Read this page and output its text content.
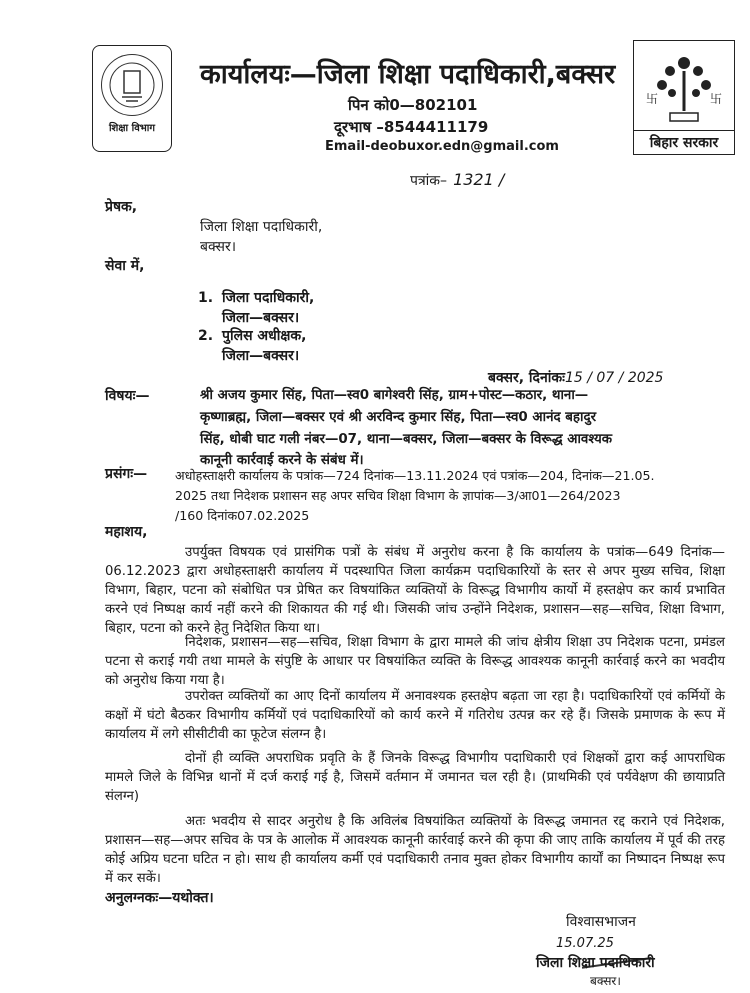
शिक्षा विभाग
कार्यालयः—जिला शिक्षा पदाधिकारी,बक्सर
पिन को0—802101
दूरभाष –8544411179
Email-deobuxor.edn@gmail.com
卐	卐
बिहार सरकार
पत्रांक– 1321 /
प्रेषक,
जिला शिक्षा पदाधिकारी,
बक्सर।
सेवा में,
1. जिला पदाधिकारी,
जिला—बक्सर।
2. पुलिस अधीक्षक,
जिला—बक्सर।
बक्सर, दिनांकः15 / 07 / 2025
विषयः—	श्री अजय कुमार सिंह, पिता—स्व0 बागेश्वरी सिंह, ग्राम+पोस्ट—कठार, थाना—
कृष्णाब्रह्म, जिला—बक्सर एवं श्री अरविन्द कुमार सिंह, पिता—स्व0 आनंद बहादुर
सिंह, धोबी घाट गली नंबर—07, थाना—बक्सर, जिला—बक्सर के विरूद्ध आवश्यक
कानूनी कार्रवाई करने के संबंध में।
प्रसंगः— अधोहस्ताक्षरी कार्यालय के पत्रांक—724 दिनांक—13.11.2024 एवं पत्रांक—204, दिनांक—21.05.
2025 तथा निदेशक प्रशासन सह अपर सचिव शिक्षा विभाग के ज्ञापांक—3/आ01—264/2023
/160 दिनांक07.02.2025
महाशय,
उपर्युक्त विषयक एवं प्रासंगिक पत्रों के संबंध में अनुरोध करना है कि कार्यालय के पत्रांक—649 दिनांक—06.12.2023 द्वारा अधोहस्ताक्षरी कार्यालय में पदस्थापित जिला कार्यक्रम पदाधिकारियों के स्तर से अपर मुख्य सचिव, शिक्षा विभाग, बिहार, पटना को संबोधित पत्र प्रेषित कर विषयांकित व्यक्तियों के विरूद्ध विभागीय कार्यो में हस्तक्षेप कर कार्य प्रभावित करने एवं निष्पक्ष कार्य नहीं करने की शिकायत की गई थी। जिसकी जांच उन्होंने निदेशक, प्रशासन—सह—सचिव, शिक्षा विभाग, बिहार, पटना को करने हेतु निदेशित किया था।
निदेशक, प्रशासन—सह—सचिव, शिक्षा विभाग के द्वारा मामले की जांच क्षेत्रीय शिक्षा उप निदेशक पटना, प्रमंडल पटना से कराई गयी तथा मामले के संपुष्टि के आधार पर विषयांकित व्यक्ति के विरूद्ध आवश्यक कानूनी कार्रवाई करने का भवदीय को अनुरोध किया गया है।
उपरोक्त व्यक्तियों का आए दिनों कार्यालय में अनावश्यक हस्तक्षेप बढ़ता जा रहा है। पदाधिकारियों एवं कर्मियों के कक्षों में घंटो बैठकर विभागीय कर्मियों एवं पदाधिकारियों को कार्य करने में गतिरोध उत्पन्न कर रहे हैं। जिसके प्रमाणक के रूप में कार्यालय में लगे सीसीटीवी का फूटेज संलग्न है।
दोनों ही व्यक्ति अपराधिक प्रवृति के हैं जिनके विरूद्ध विभागीय पदाधिकारी एवं शिक्षकों द्वारा कई आपराधिक मामले जिले के विभिन्न थानों में दर्ज कराई गई है, जिसमें वर्तमान में जमानत चल रही है। (प्राथमिकी एवं पर्यवेक्षण की छायाप्रति संलग्न)
अतः भवदीय से सादर अनुरोध है कि अविलंब विषयांकित व्यक्तियों के विरूद्ध जमानत रद्द कराने एवं निदेशक, प्रशासन—सह—अपर सचिव के पत्र के आलोक में आवश्यक कानूनी कार्रवाई करने की कृपा की जाए ताकि कार्यालय में पूर्व की तरह कोई अप्रिय घटना घटित न हो। साथ ही कार्यालय कर्मी एवं पदाधिकारी तनाव मुक्त होकर विभागीय कार्यों का निष्पादन निष्पक्ष रूप में कर सकें।
अनुलग्नकः—यथोक्त।
विश्वासभाजन
15.07.25
जिला शिक्षा पदाधिकारी
बक्सर।
